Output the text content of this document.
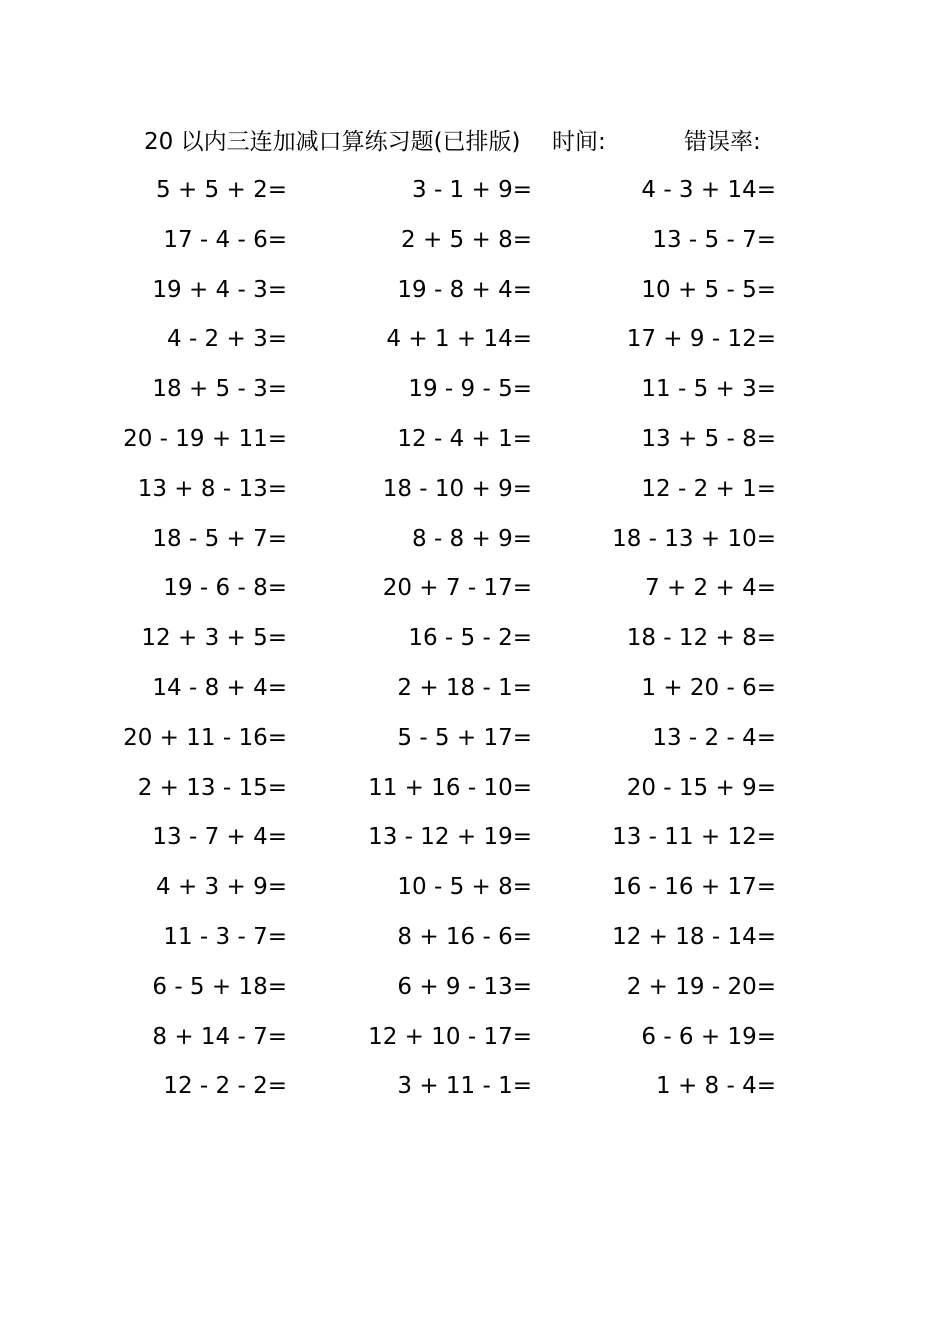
20 以内三连加减口算练习题(已排版) 时间:	错误率:
5 + 5 + 2=	3 - 1 + 9=	4 - 3 + 14=
17 - 4 - 6=	2 + 5 + 8=	13 - 5 - 7=
19 + 4 - 3=	19 - 8 + 4=	10 + 5 - 5=
4 - 2 + 3=	4 + 1 + 14=	17 + 9 - 12=
18 + 5 - 3=	19 - 9 - 5=	11 - 5 + 3=
20 - 19 + 11=	12 - 4 + 1=	13 + 5 - 8=
13 + 8 - 13=	18 - 10 + 9=	12 - 2 + 1=
18 - 5 + 7=	8 - 8 + 9=	18 - 13 + 10=
19 - 6 - 8=	20 + 7 - 17=	7 + 2 + 4=
12 + 3 + 5=	16 - 5 - 2=	18 - 12 + 8=
14 - 8 + 4=	2 + 18 - 1=	1 + 20 - 6=
20 + 11 - 16=	5 - 5 + 17=	13 - 2 - 4=
2 + 13 - 15=	11 + 16 - 10=	20 - 15 + 9=
13 - 7 + 4=	13 - 12 + 19=	13 - 11 + 12=
4 + 3 + 9=	10 - 5 + 8=	16 - 16 + 17=
11 - 3 - 7=	8 + 16 - 6=	12 + 18 - 14=
6 - 5 + 18=	6 + 9 - 13=	2 + 19 - 20=
8 + 14 - 7=	12 + 10 - 17=	6 - 6 + 19=
12 - 2 - 2=	3 + 11 - 1=	1 + 8 - 4=
